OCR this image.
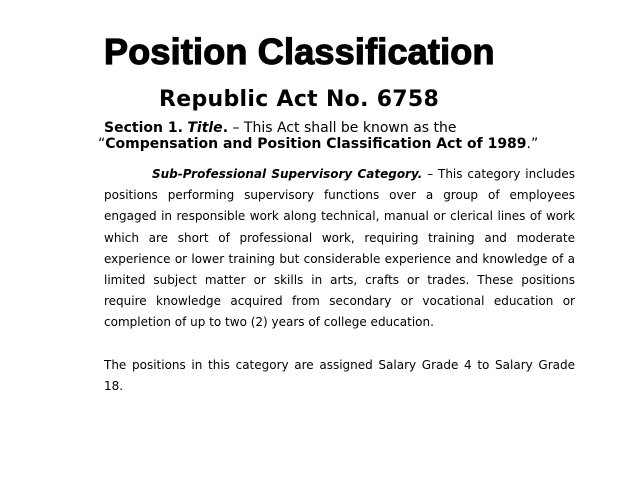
Position Classification
Republic Act No. 6758
Section 1. Title. – This Act shall be known as the
“Compensation and Position Classification Act of 1989.”

Sub-Professional Supervisory Category. – This category includes positions performing supervisory functions over a group of employees engaged in responsible work along technical, manual or clerical lines of work which are short of professional work, requiring training and moderate experience or lower training but considerable experience and knowledge of a limited subject matter or skills in arts, crafts or trades. These positions require knowledge acquired from secondary or vocational education or completion of up to two (2) years of college education.

The positions in this category are assigned Salary Grade 4 to Salary Grade 18.
